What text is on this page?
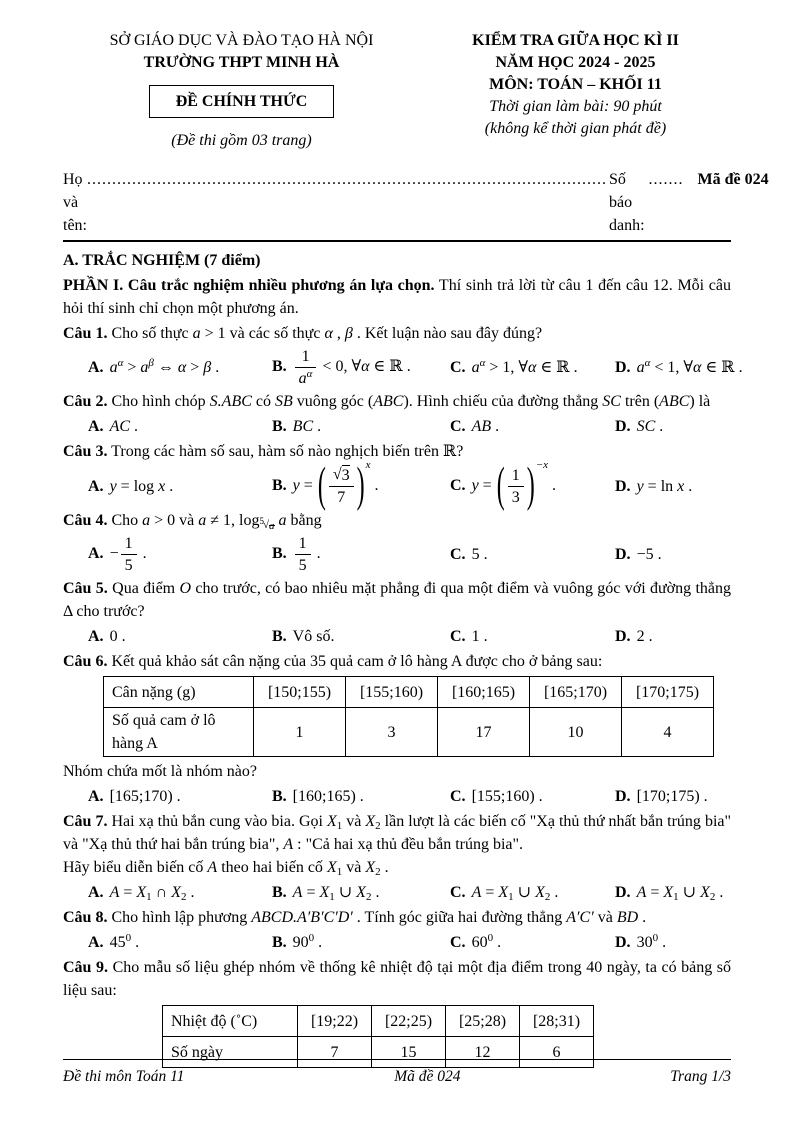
SỞ GIÁO DỤC VÀ ĐÀO TẠO HÀ NỘI
TRƯỜNG THPT MINH HÀ
ĐỀ CHÍNH THỨC
(Đề thi gồm 03 trang)
KIỂM TRA GIỮA HỌC KÌ II
NĂM HỌC 2024 - 2025
MÔN: TOÁN – KHỐI 11
Thời gian làm bài: 90 phút
(không kể thời gian phát đề)
Họ và tên:
........................................................................................................ Số báo danh:
....... Mã đề 024
A. TRẮC NGHIỆM (7 điểm)
PHẦN I. Câu trắc nghiệm nhiều phương án lựa chọn. Thí sinh trả lời từ câu 1 đến câu 12. Mỗi câu hỏi thí sinh chỉ chọn một phương án.
Câu 1. Cho số thực a > 1 và các số thực α , β . Kết luận nào sau đây đúng?
A. $a^\alpha > a^\beta$ ⇔ α > β .	B. $\frac{1}{a^\alpha} < 0$, ∀α ∈ ℝ .	C. $a^\alpha > 1$, ∀α ∈ ℝ .	D. $a^\alpha < 1$, ∀α ∈ ℝ .
Câu 2. Cho hình chóp S.ABC có SB vuông góc (ABC). Hình chiếu của đường thẳng SC trên (ABC) là
A. AC .	B. BC .	C. AB .	D. SC .
Câu 3. Trong các hàm số sau, hàm số nào nghịch biến trên ℝ?
A. y = log x .	B. y = ( $\frac{√ 3}{7}$ ) x
.	C. y = ( $\frac{1}{3}$ ) −x
.	D. y = ln x .
Câu 4. Cho a > 0 và a ≠ 1, log 5 √ a a bằng
A. − $\frac{1}{5}$ .	B. $\frac{1}{5}$ .	C. 5 .	D. −5 .
Câu 5. Qua điểm O cho trước, có bao nhiêu mặt phẳng đi qua một điểm và vuông góc với đường thẳng Δ cho trước?
A. 0 .	B. Vô số.	C. 1 .	D. 2 .
Câu 6. Kết quả khảo sát cân nặng của 35 quả cam ở lô hàng A được cho ở bảng sau:
Cân nặng (g)	[150;155)	[155;160)	[160;165)	[165;170)	[170;175)
Số quả cam ở lô hàng A	1	3	17	10	4
Nhóm chứa mốt là nhóm nào?
A. [165;170) .	B. [160;165) .	C. [155;160) .	D. [170;175) .
Câu 7. Hai xạ thủ bắn cung vào bia. Gọi X1 và X2 lần lượt là các biến cố "Xạ thủ thứ nhất bắn trúng bia" và "Xạ thủ thứ hai bắn trúng bia", A : "Cả hai xạ thủ đều bắn trúng bia".
Hãy biểu diễn biến cố A theo hai biến cố X1 và X2 .
A. A = X1 ∩ X2 .	B. A = X1 ∪ X2 .	C. A = X1 ∪ X2 .	D. A = X1 ∪ X2 .
Câu 8. Cho hình lập phương ABCD.A′B′C′D′ . Tính góc giữa hai đường thẳng A′C′ và BD .
A. $45^0$ .	B. $90^0$ .	C. $60^0$ .	D. $30^0$ .
Câu 9. Cho mẫu số liệu ghép nhóm về thống kê nhiệt độ tại một địa điểm trong 40 ngày, ta có bảng số liệu sau:
Nhiệt độ (˚C)	[19;22)	[22;25)	[25;28)	[28;31)
Số ngày	7	15	12	6
Đề thi môn Toán 11	Mã đề 024	Trang 1/3
